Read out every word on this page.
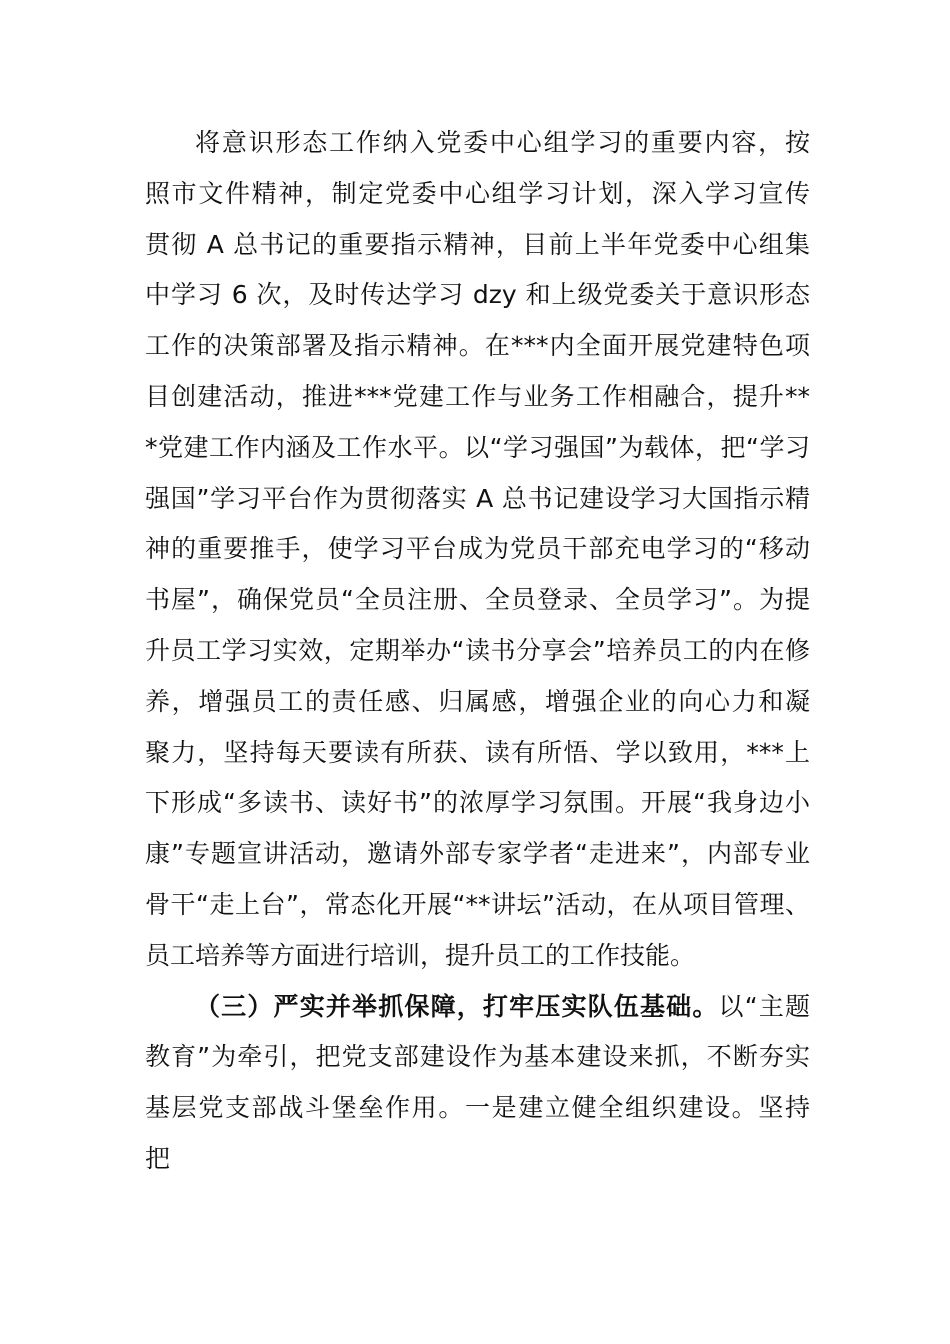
将意识形态工作纳入党委中心组学习的重要内容，按
照市文件精神，制定党委中心组学习计划，深入学习宣传
贯彻 A 总书记的重要指示精神，目前上半年党委中心组集
中学习 6 次，及时传达学习 dzy 和上级党委关于意识形态
工作的决策部署及指示精神。在***内全面开展党建特色项
目创建活动，推进***党建工作与业务工作相融合，提升**
*党建工作内涵及工作水平。以“学习强国”为载体，把“学习
强国”学习平台作为贯彻落实 A 总书记建设学习大国指示精
神的重要推手，使学习平台成为党员干部充电学习的“移动
书屋”，确保党员“全员注册、全员登录、全员学习”。为提
升员工学习实效，定期举办“读书分享会”培养员工的内在修
养，增强员工的责任感、归属感，增强企业的向心力和凝
聚力，坚持每天要读有所获、读有所悟、学以致用，***上
下形成“多读书、读好书”的浓厚学习氛围。开展“我身边小
康”专题宣讲活动，邀请外部专家学者“走进来”，内部专业
骨干“走上台”，常态化开展“**讲坛”活动，在从项目管理、
员工培养等方面进行培训，提升员工的工作技能。
（三）严实并举抓保障，打牢压实队伍基础。以“主题
教育”为牵引，把党支部建设作为基本建设来抓，不断夯实
基层党支部战斗堡垒作用。一是建立健全组织建设。坚持
把
